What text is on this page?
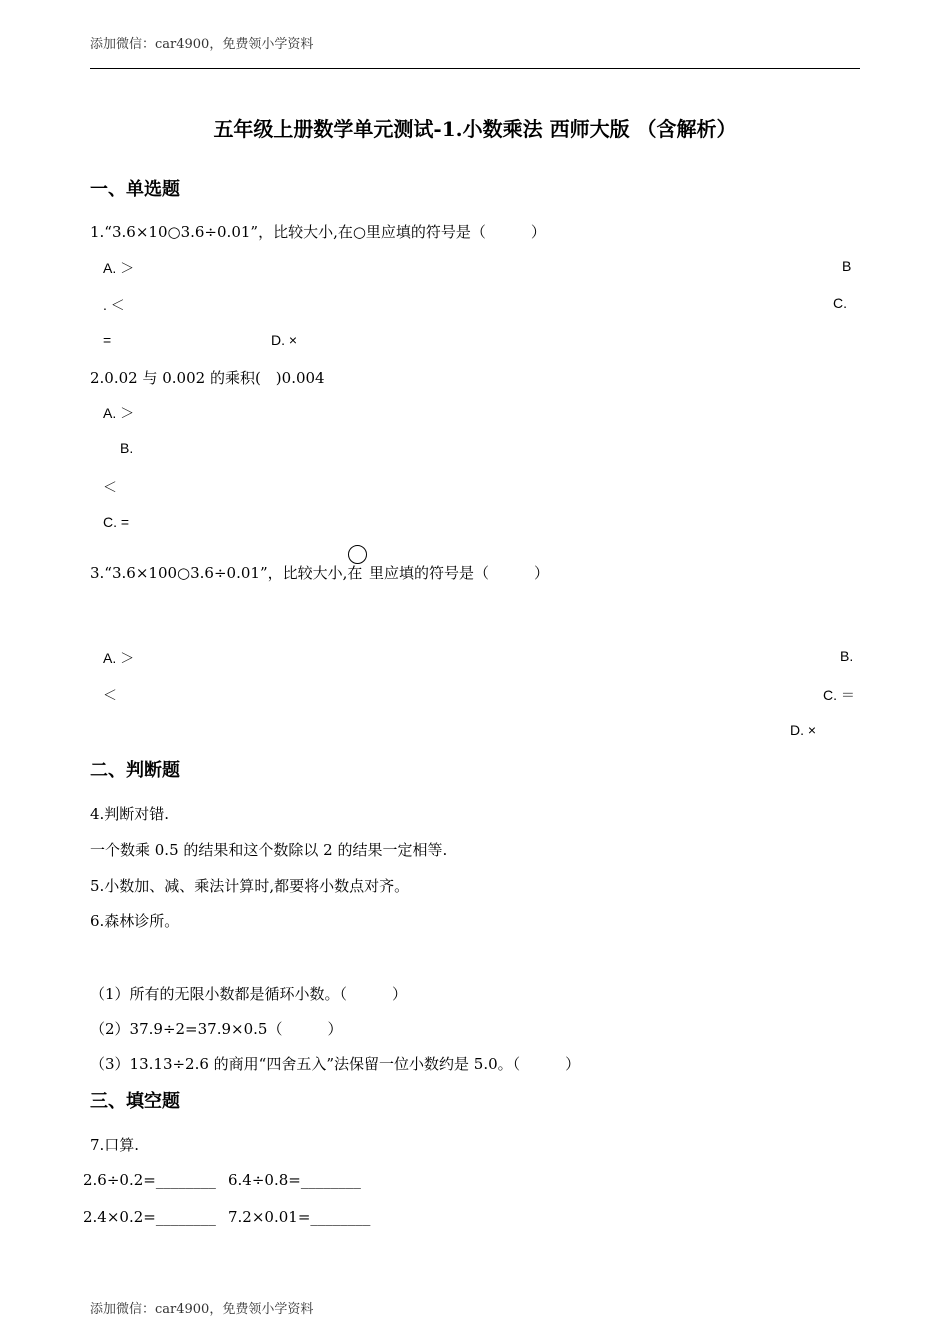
添加微信：car4900，免费领小学资料
五年级上册数学单元测试-1.小数乘法 西师大版 （含解析）
一、单选题
1.“3.6×10○3.6÷0.01”，比较大小,在○里应填的符号是（　　　）
A. ＞	B
. ＜	C.
=	D. ×
2.0.02 与 0.002 的乘积(　)0.004
A. ＞
B.
＜
C. =
3.“3.6×100○3.6÷0.01”，比较大小,在 里应填的符号是（　　　）
A. ＞	B.
＜	C. ＝
D. ×
二、判断题
4.判断对错.
一个数乘 0.5 的结果和这个数除以 2 的结果一定相等.
5.小数加、减、乘法计算时,都要将小数点对齐。
6.森林诊所。
（1）所有的无限小数都是循环小数。（　　　）
（2）37.9÷2=37.9×0.5（　　　）
（3）13.13÷2.6 的商用“四舍五入”法保留一位小数约是 5.0。（　　　）
三、填空题
7.口算.
2.6÷0.2=________ 6.4÷0.8=________
2.4×0.2=________ 7.2×0.01=________
添加微信：car4900，免费领小学资料
